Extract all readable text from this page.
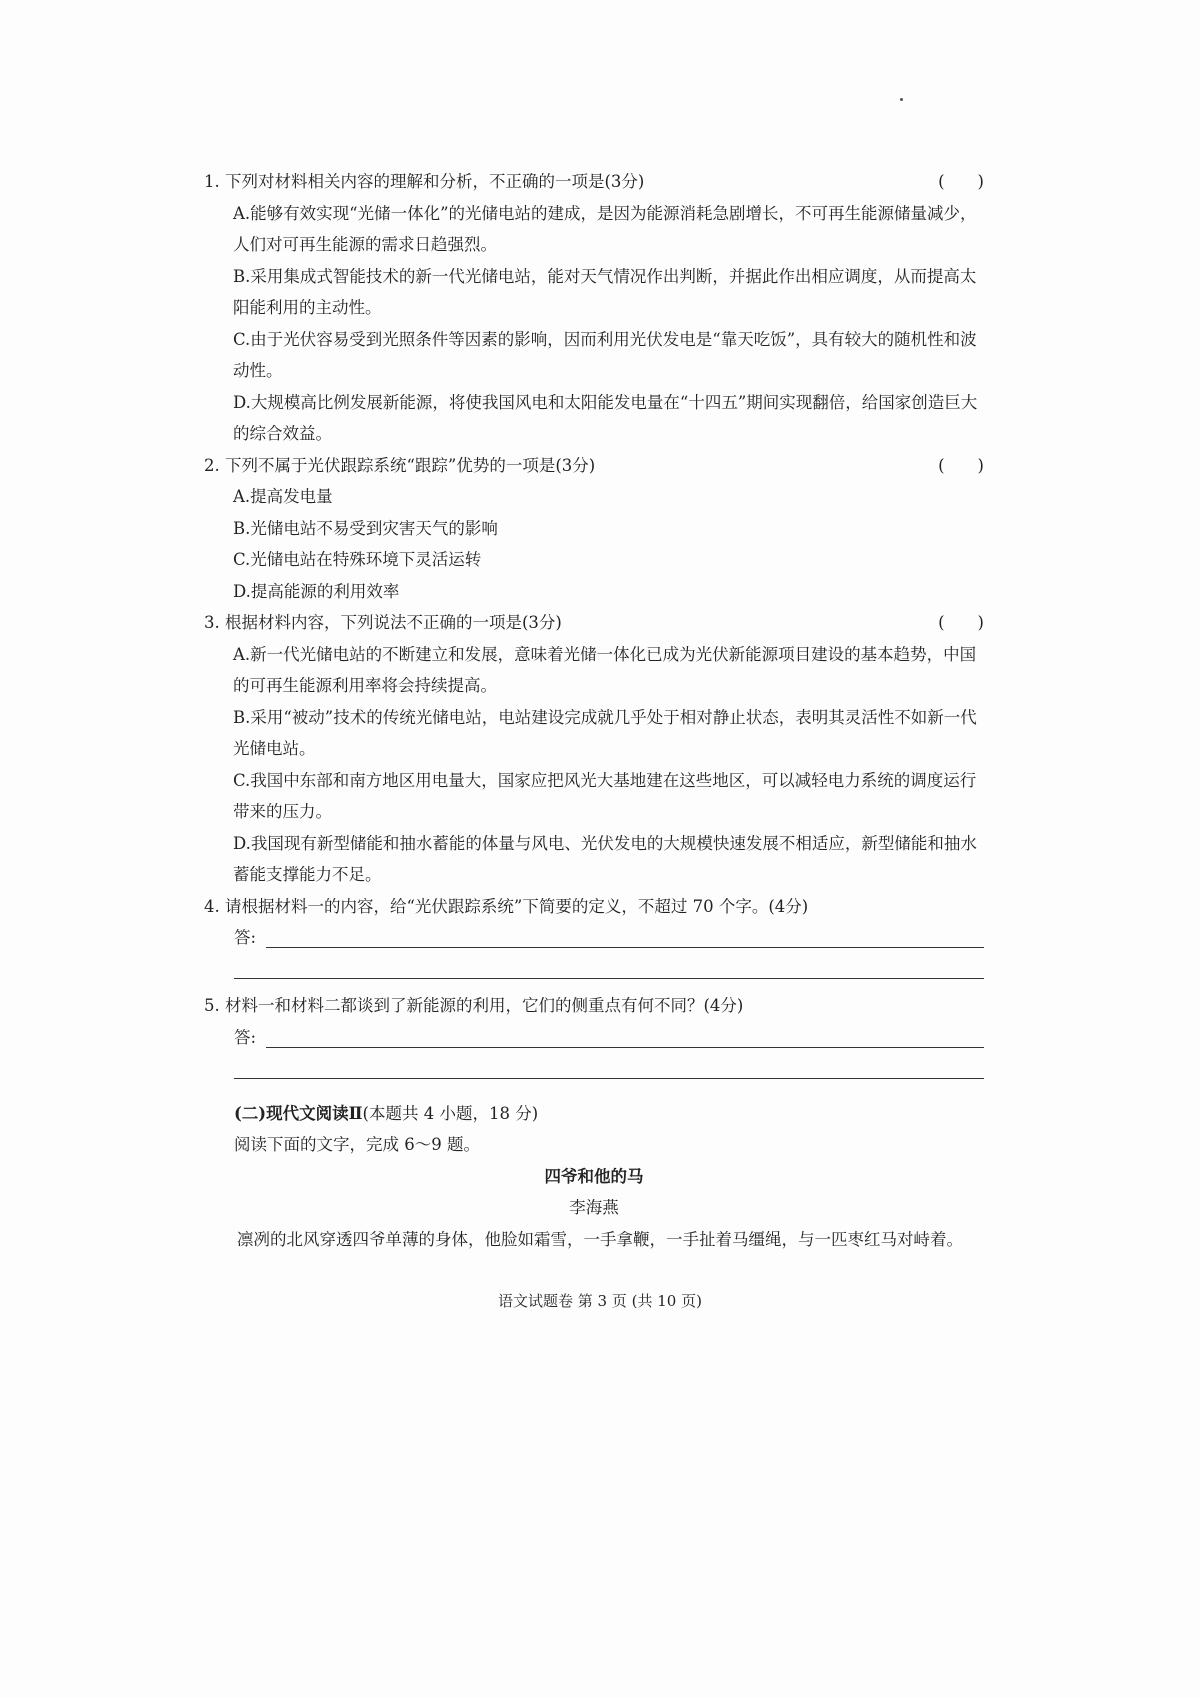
1. 下列对材料相关内容的理解和分析，不正确的一项是(3分)	(　　)
A.能够有效实现“光储一体化”的光储电站的建成，是因为能源消耗急剧增长，不可再生能源储量减少，人们对可再生能源的需求日趋强烈。
B.采用集成式智能技术的新一代光储电站，能对天气情况作出判断，并据此作出相应调度，从而提高太阳能利用的主动性。
C.由于光伏容易受到光照条件等因素的影响，因而利用光伏发电是“靠天吃饭”，具有较大的随机性和波动性。
D.大规模高比例发展新能源，将使我国风电和太阳能发电量在“十四五”期间实现翻倍，给国家创造巨大的综合效益。
2. 下列不属于光伏跟踪系统“跟踪”优势的一项是(3分)	(　　)
A.提高发电量
B.光储电站不易受到灾害天气的影响
C.光储电站在特殊环境下灵活运转
D.提高能源的利用效率
3. 根据材料内容，下列说法不正确的一项是(3分)	(　　)
A.新一代光储电站的不断建立和发展，意味着光储一体化已成为光伏新能源项目建设的基本趋势，中国的可再生能源利用率将会持续提高。
B.采用“被动”技术的传统光储电站，电站建设完成就几乎处于相对静止状态，表明其灵活性不如新一代光储电站。
C.我国中东部和南方地区用电量大，国家应把风光大基地建在这些地区，可以减轻电力系统的调度运行带来的压力。
D.我国现有新型储能和抽水蓄能的体量与风电、光伏发电的大规模快速发展不相适应，新型储能和抽水蓄能支撑能力不足。
4. 请根据材料一的内容，给“光伏跟踪系统”下简要的定义，不超过 70 个字。(4分)
答:
5. 材料一和材料二都谈到了新能源的利用，它们的侧重点有何不同？(4分)
答:
(二)现代文阅读Ⅱ(本题共 4 小题，18 分)
阅读下面的文字，完成 6～9 题。
四爷和他的马
李海燕
凛冽的北风穿透四爷单薄的身体，他脸如霜雪，一手拿鞭，一手扯着马缰绳，与一匹枣红马对峙着。
语文试题卷 第 3 页 (共 10 页)
